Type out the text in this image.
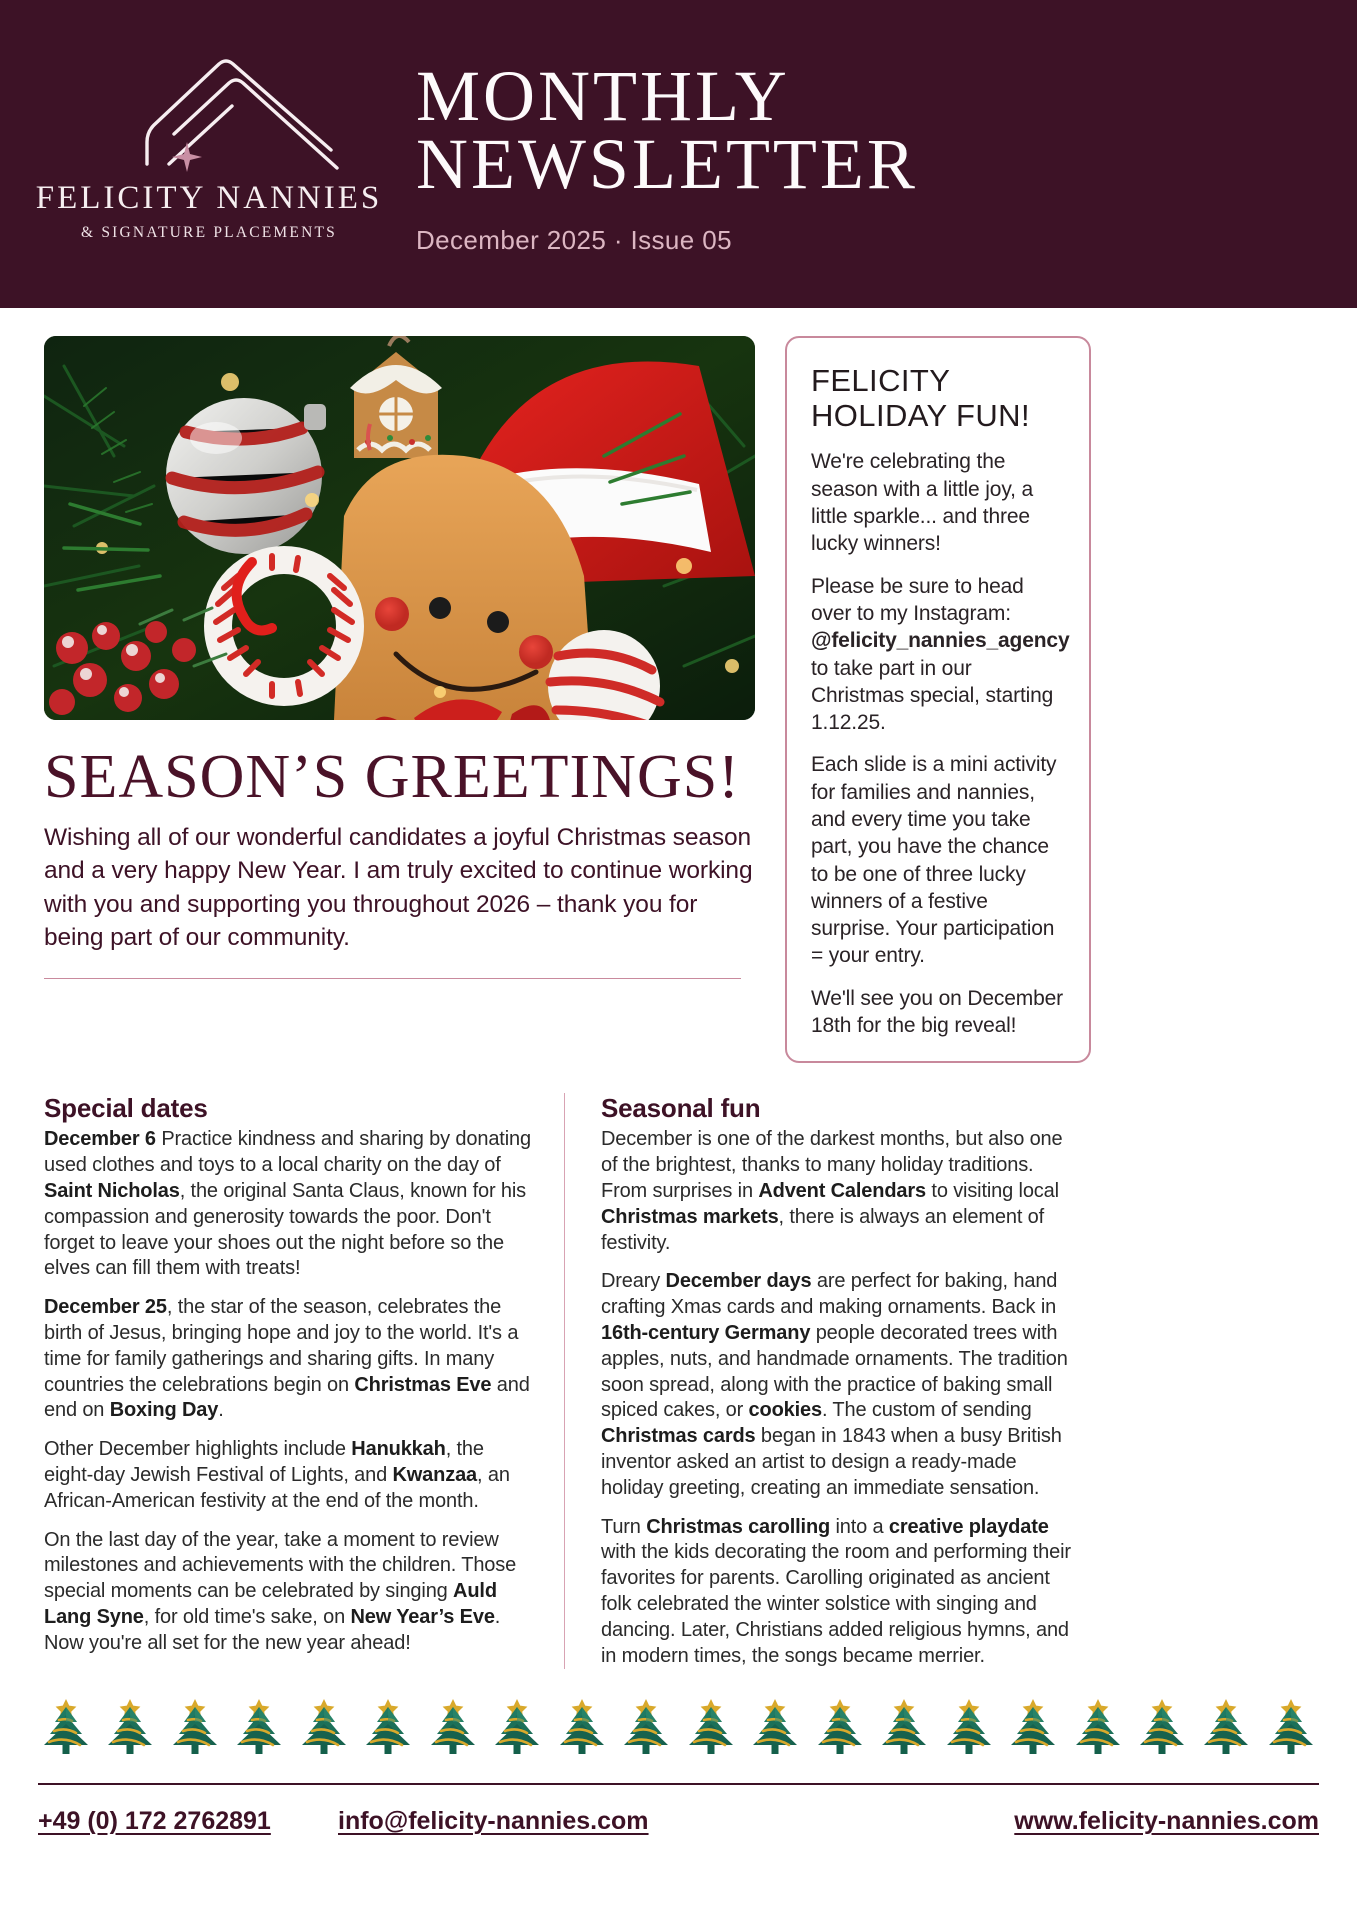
FELICITY NANNIES
& SIGNATURE PLACEMENTS
MONTHLY
NEWSLETTER
December 2025 · Issue 05
SEASON’S GREETINGS!
Wishing all of our wonderful candidates a joyful Christmas season and a very happy New Year. I am truly excited to continue working with you and supporting you throughout 2026 – thank you for being part of our community.
FELICITY
HOLIDAY FUN!

We're celebrating the season with a little joy, a little sparkle... and three lucky winners!

Please be sure to head over to my Instagram: @felicity_nannies_agency to take part in our Christmas special, starting 1.12.25.

Each slide is a mini activity for families and nannies, and every time you take part, you have the chance to be one of three lucky winners of a festive surprise. Your participation = your entry.

We'll see you on December 18th for the big reveal!

Special dates

December 6 Practice kindness and sharing by donating used clothes and toys to a local charity on the day of Saint Nicholas, the original Santa Claus, known for his compassion and generosity towards the poor. Don't forget to leave your shoes out the night before so the elves can fill them with treats!

December 25, the star of the season, celebrates the birth of Jesus, bringing hope and joy to the world. It's a time for family gatherings and sharing gifts. In many countries the celebrations begin on Christmas Eve and end on Boxing Day.

Other December highlights include Hanukkah, the eight-day Jewish Festival of Lights, and Kwanzaa, an African-American festivity at the end of the month.

On the last day of the year, take a moment to review milestones and achievements with the children. Those special moments can be celebrated by singing Auld Lang Syne, for old time's sake, on New Year’s Eve. Now you're all set for the new year ahead!

Seasonal fun

December is one of the darkest months, but also one of the brightest, thanks to many holiday traditions. From surprises in Advent Calendars to visiting local Christmas markets, there is always an element of festivity.

Dreary December days are perfect for baking, hand crafting Xmas cards and making ornaments. Back in 16th-century Germany people decorated trees with apples, nuts, and handmade ornaments. The tradition soon spread, along with the practice of baking small spiced cakes, or cookies. The custom of sending Christmas cards began in 1843 when a busy British inventor asked an artist to design a ready-made holiday greeting, creating an immediate sensation.

Turn Christmas carolling into a creative playdate with the kids decorating the room and performing their favorites for parents. Carolling originated as ancient folk celebrated the winter solstice with singing and dancing. Later, Christians added religious hymns, and in modern times, the songs became merrier.

+49 (0) 172 2762891	info@felicity-nannies.com	www.felicity-nannies.com
